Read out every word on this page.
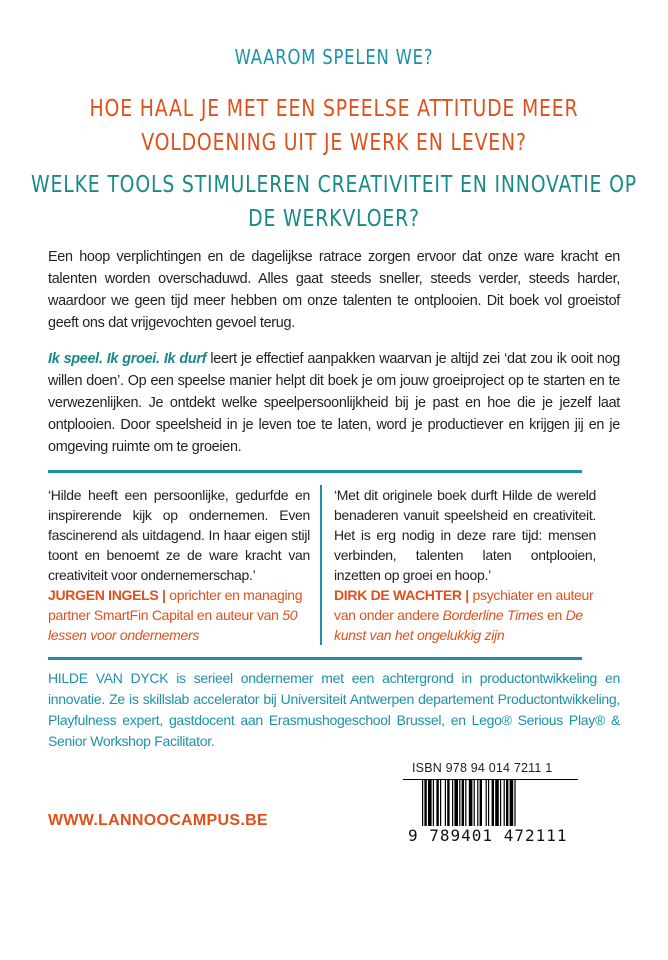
WAAROM SPELEN WE?
HOE HAAL JE MET EEN SPEELSE ATTITUDE MEER VOLDOENING UIT JE WERK EN LEVEN?
WELKE TOOLS STIMULEREN CREATIVITEIT EN INNOVATIE OP DE WERKVLOER?
Een hoop verplichtingen en de dagelijkse ratrace zorgen ervoor dat onze ware kracht en talenten worden overschaduwd. Alles gaat steeds sneller, steeds verder, steeds harder, waardoor we geen tijd meer hebben om onze talenten te ontplooien. Dit boek vol groeistof geeft ons dat vrijgevochten gevoel terug.
Ik speel. Ik groei. Ik durf leert je effectief aanpakken waarvan je altijd zei ‘dat zou ik ooit nog willen doen’. Op een speelse manier helpt dit boek je om jouw groeiproject op te starten en te verwezenlijken. Je ontdekt welke speelpersoonlijkheid bij je past en hoe die je jezelf laat ontplooien. Door speelsheid in je leven toe te laten, word je productiever en krijgen jij en je omgeving ruimte om te groeien.
‘Hilde heeft een persoonlijke, gedurfde en inspirerende kijk op ondernemen. Even fascinerend als uitdagend. In haar eigen stijl toont en benoemt ze de ware kracht van creativiteit voor ondernemerschap.’
JURGEN INGELS | oprichter en managing partner SmartFin Capital en auteur van 50 lessen voor ondernemers
‘Met dit originele boek durft Hilde de wereld benaderen vanuit speelsheid en creativiteit. Het is erg nodig in deze rare tijd: mensen verbinden, talenten laten ontplooien, inzetten op groei en hoop.’
DIRK DE WACHTER | psychiater en auteur van onder andere Borderline Times en De kunst van het ongelukkig zijn
HILDE VAN DYCK is serieel ondernemer met een achtergrond in productontwikkeling en innovatie. Ze is skillslab accelerator bij Universiteit Antwerpen departement Productontwikkeling, Playfulness expert, gastdocent aan Erasmushogeschool Brussel, en Lego® Serious Play® & Senior Workshop Facilitator.
WWW.LANNOOCAMPUS.BE
ISBN 978 94 014 7211 1
9 789401 472111
